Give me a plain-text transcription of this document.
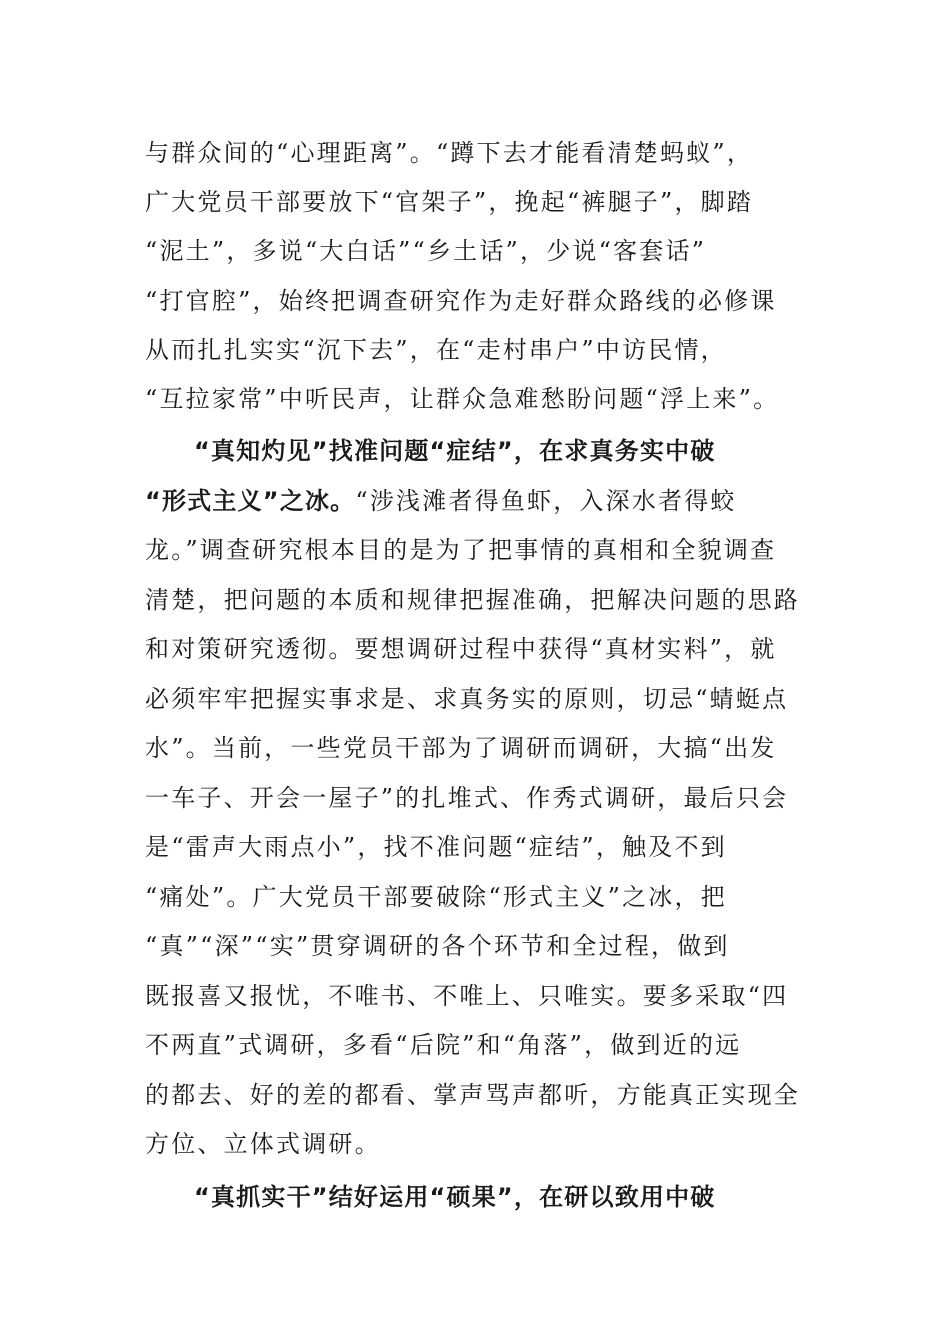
与群众间的“心理距离”。“蹲下去才能看清楚蚂蚁”，
广大党员干部要放下“官架子”，挽起“裤腿子”，脚踏
“泥土”，多说“大白话”“乡土话”，少说“客套话”
“打官腔”，始终把调查研究作为走好群众路线的必修课
从而扎扎实实“沉下去”，在“走村串户”中访民情，
“互拉家常”中听民声，让群众急难愁盼问题“浮上来”。
“真知灼见”找准问题“症结”，在求真务实中破
“形式主义”之冰。“涉浅滩者得鱼虾，入深水者得蛟
龙。”调查研究根本目的是为了把事情的真相和全貌调查
清楚，把问题的本质和规律把握准确，把解决问题的思路
和对策研究透彻。要想调研过程中获得“真材实料”，就
必须牢牢把握实事求是、求真务实的原则，切忌“蜻蜓点
水”。当前，一些党员干部为了调研而调研，大搞“出发
一车子、开会一屋子”的扎堆式、作秀式调研，最后只会
是“雷声大雨点小”，找不准问题“症结”，触及不到
“痛处”。广大党员干部要破除“形式主义”之冰，把
“真”“深”“实”贯穿调研的各个环节和全过程，做到
既报喜又报忧，不唯书、不唯上、只唯实。要多采取“四
不两直”式调研，多看“后院”和“角落”，做到近的远
的都去、好的差的都看、掌声骂声都听，方能真正实现全
方位、立体式调研。
“真抓实干”结好运用“硕果”，在研以致用中破
